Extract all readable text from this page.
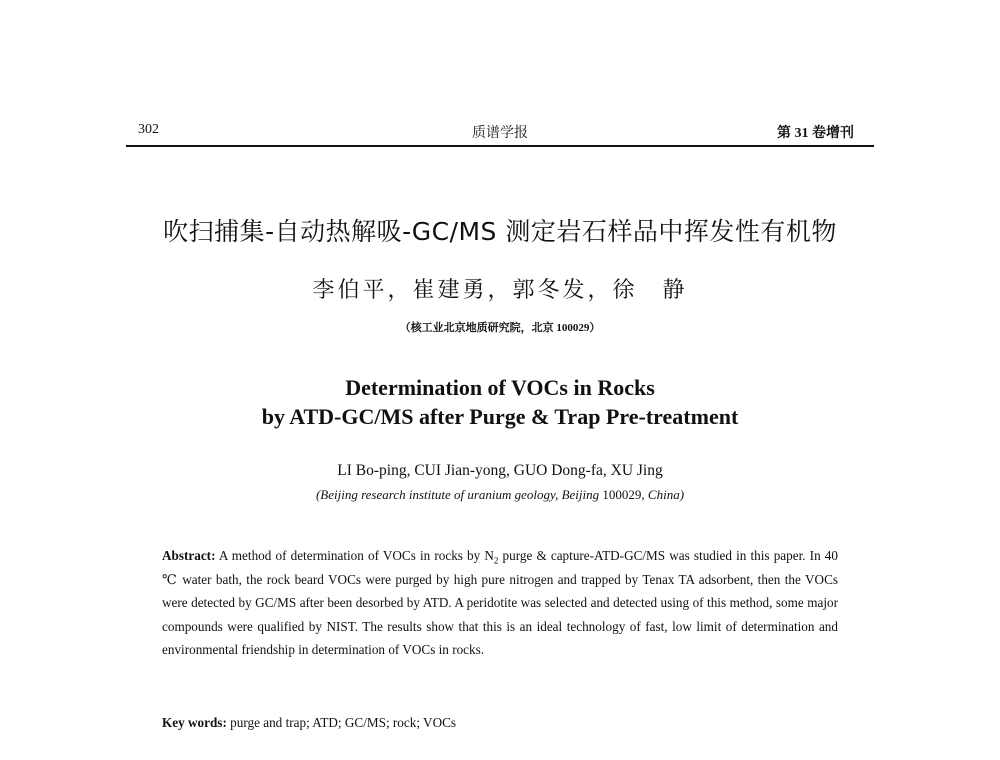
302	质谱学报	第 31 卷增刊
吹扫捕集-自动热解吸-GC/MS 测定岩石样品中挥发性有机物
李伯平，崔建勇，郭冬发，徐　静
（核工业北京地质研究院，北京 100029）
Determination of VOCs in Rocks
by ATD-GC/MS after Purge & Trap Pre-treatment
LI Bo-ping, CUI Jian-yong, GUO Dong-fa, XU Jing
(Beijing research institute of uranium geology, Beijing 100029, China)
Abstract: A method of determination of VOCs in rocks by $N_2$ purge & capture-ATD-GC/MS was studied in this paper. In 40 ℃ water bath, the rock beard VOCs were purged by high pure nitrogen and trapped by Tenax TA adsorbent, then the VOCs were detected by GC/MS after been desorbed by ATD. A peridotite was selected and detected using of this method, some major compounds were qualified by NIST. The results show that this is an ideal technology of fast, low limit of determination and environmental friendship in determination of VOCs in rocks.
Key words: purge and trap; ATD; GC/MS; rock; VOCs
